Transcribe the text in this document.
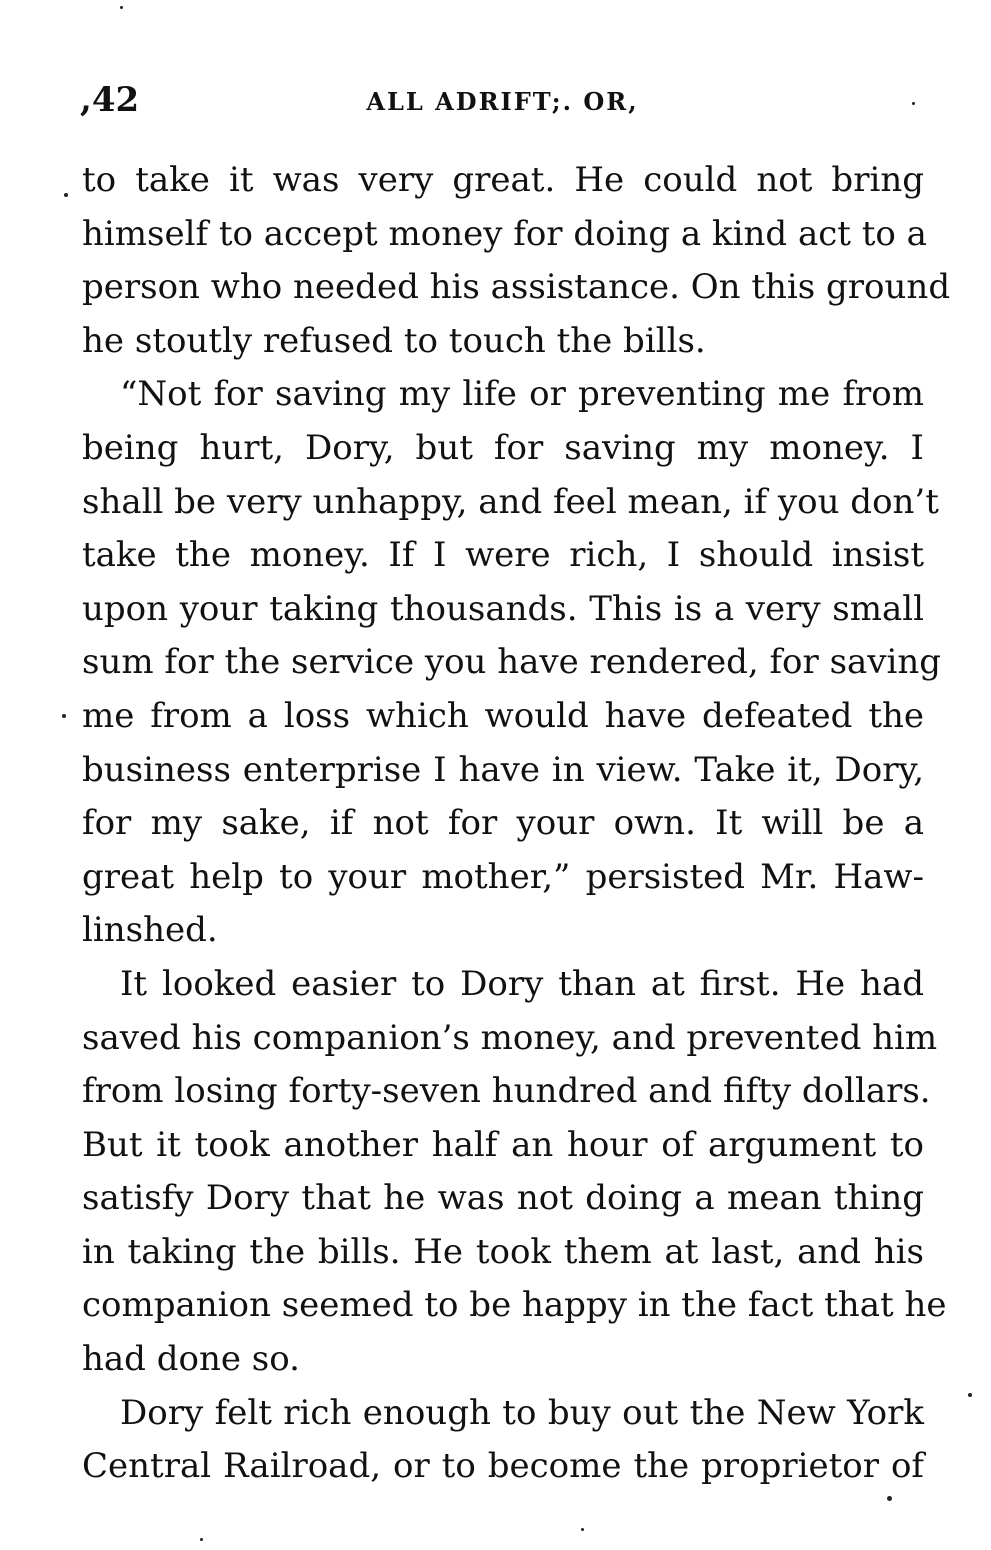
,42	ALL ADRIFT;. OR,

to take it was very great. He could not bring
himself to accept money for doing a kind act to a
person who needed his assistance. On this ground
he stoutly refused to touch the bills.

“Not for saving my life or preventing me from
being hurt, Dory, but for saving my money. I
shall be very unhappy, and feel mean, if you don’t
take the money. If I were rich, I should insist
upon your taking thousands. This is a very small
sum for the service you have rendered, for saving
me from a loss which would have defeated the
business enterprise I have in view. Take it, Dory,
for my sake, if not for your own. It will be a
great help to your mother,” persisted Mr. Haw-
linshed.

It looked easier to Dory than at first. He had
saved his companion’s money, and prevented him
from losing forty-seven hundred and fifty dollars.
But it took another half an hour of argument to
satisfy Dory that he was not doing a mean thing
in taking the bills. He took them at last, and his
companion seemed to be happy in the fact that he
had done so.

Dory felt rich enough to buy out the New York
Central Railroad, or to become the proprietor of
